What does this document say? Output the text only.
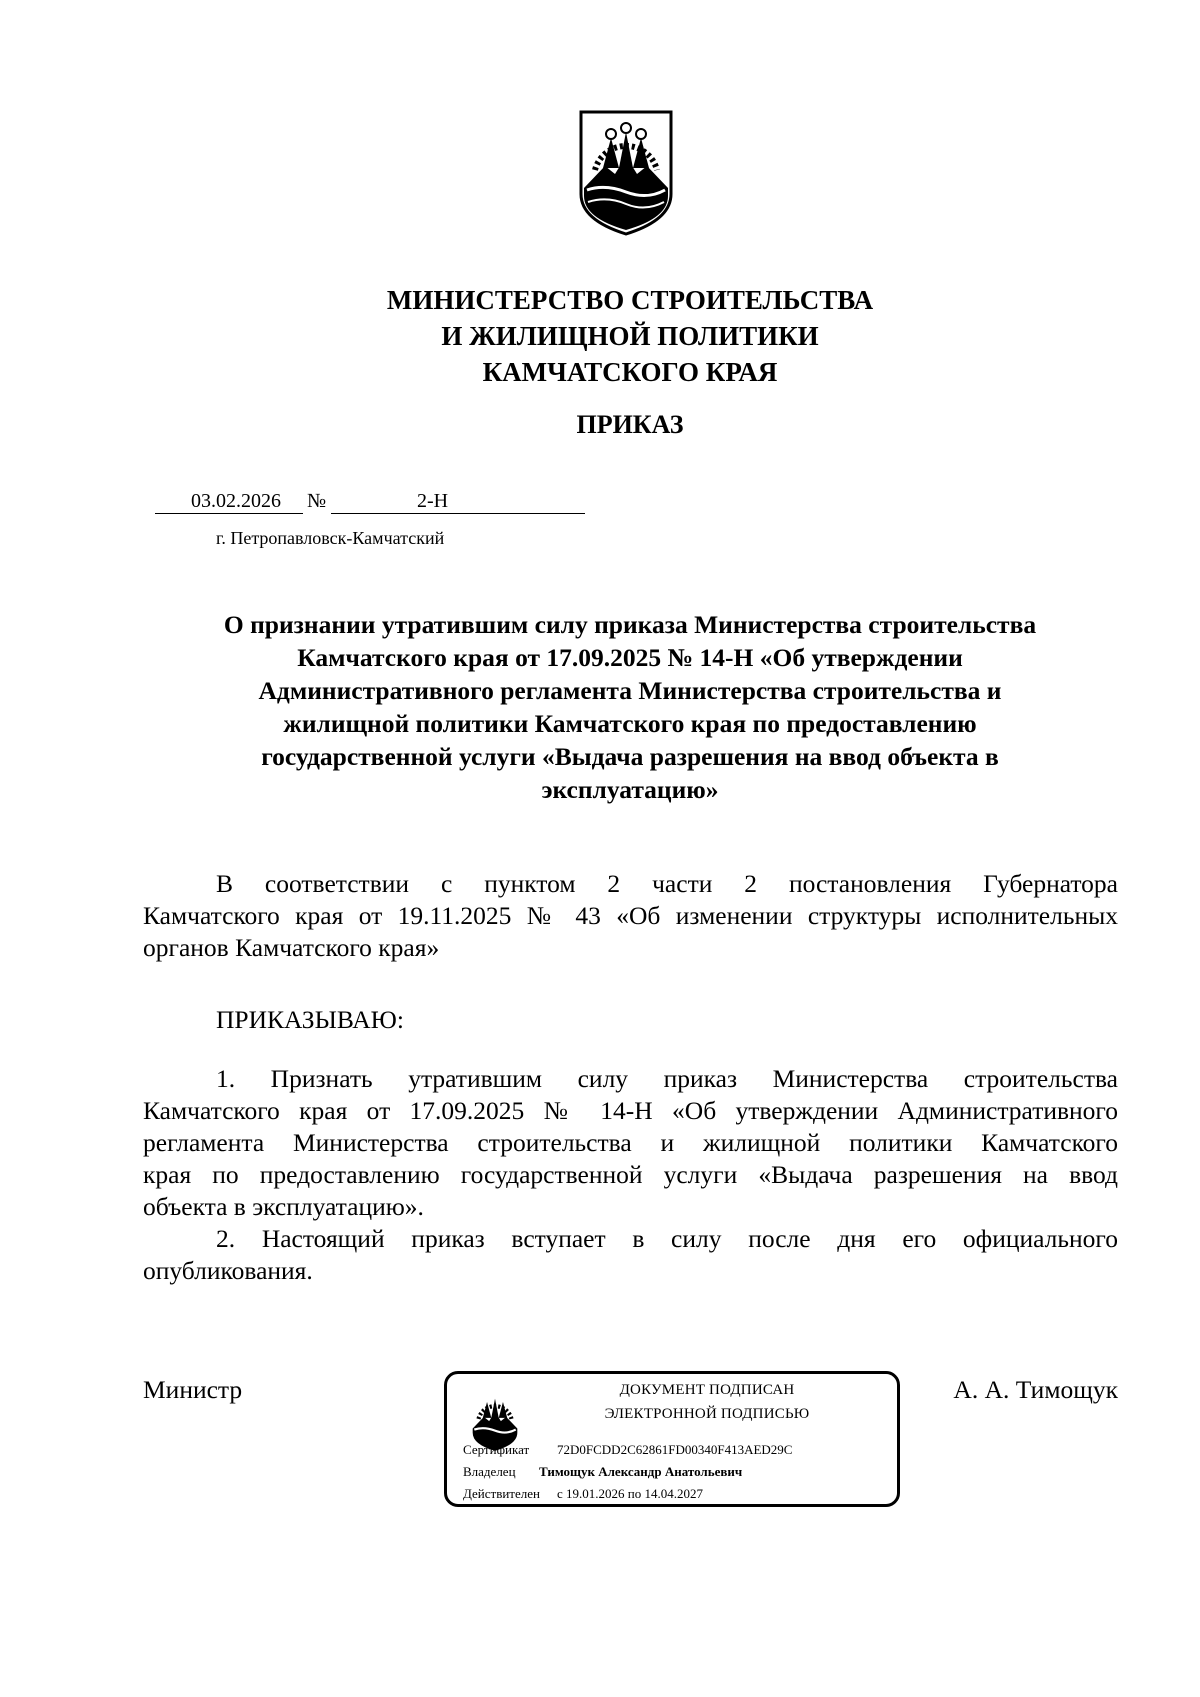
МИНИСТЕРСТВО СТРОИТЕЛЬСТВА
И ЖИЛИЩНОЙ ПОЛИТИКИ
КАМЧАТСКОГО КРАЯ
ПРИКАЗ
03.02.2026 №	2-Н
г. Петропавловск-Камчатский
О признании утратившим силу приказа Министерства строительства
Камчатского края от 17.09.2025 № 14-Н «Об утверждении
Административного регламента Министерства строительства и
жилищной политики Камчатского края по предоставлению
государственной услуги «Выдача разрешения на ввод объекта в
эксплуатацию»
В соответствии с пунктом 2 части 2 постановления Губернатора
Камчатского края от 19.11.2025 № 43 «Об изменении структуры исполнительных
органов Камчатского края»
ПРИКАЗЫВАЮ:
1. Признать утратившим силу приказ Министерства строительства
Камчатского края от 17.09.2025 № 14-Н «Об утверждении Административного
регламента Министерства строительства и жилищной политики Камчатского
края по предоставлению государственной услуги «Выдача разрешения на ввод
объекта в эксплуатацию».
2. Настоящий приказ вступает в силу после дня его официального
опубликования.
Министр	А. А. Тимощук
ДОКУМЕНТ ПОДПИСАН
ЭЛЕКТРОННОЙ ПОДПИСЬЮ
Сертификат 72D0FCDD2C62861FD00340F413AED29C
Владелец Тимощук Александр Анатольевич
Действителен с 19.01.2026 по 14.04.2027
